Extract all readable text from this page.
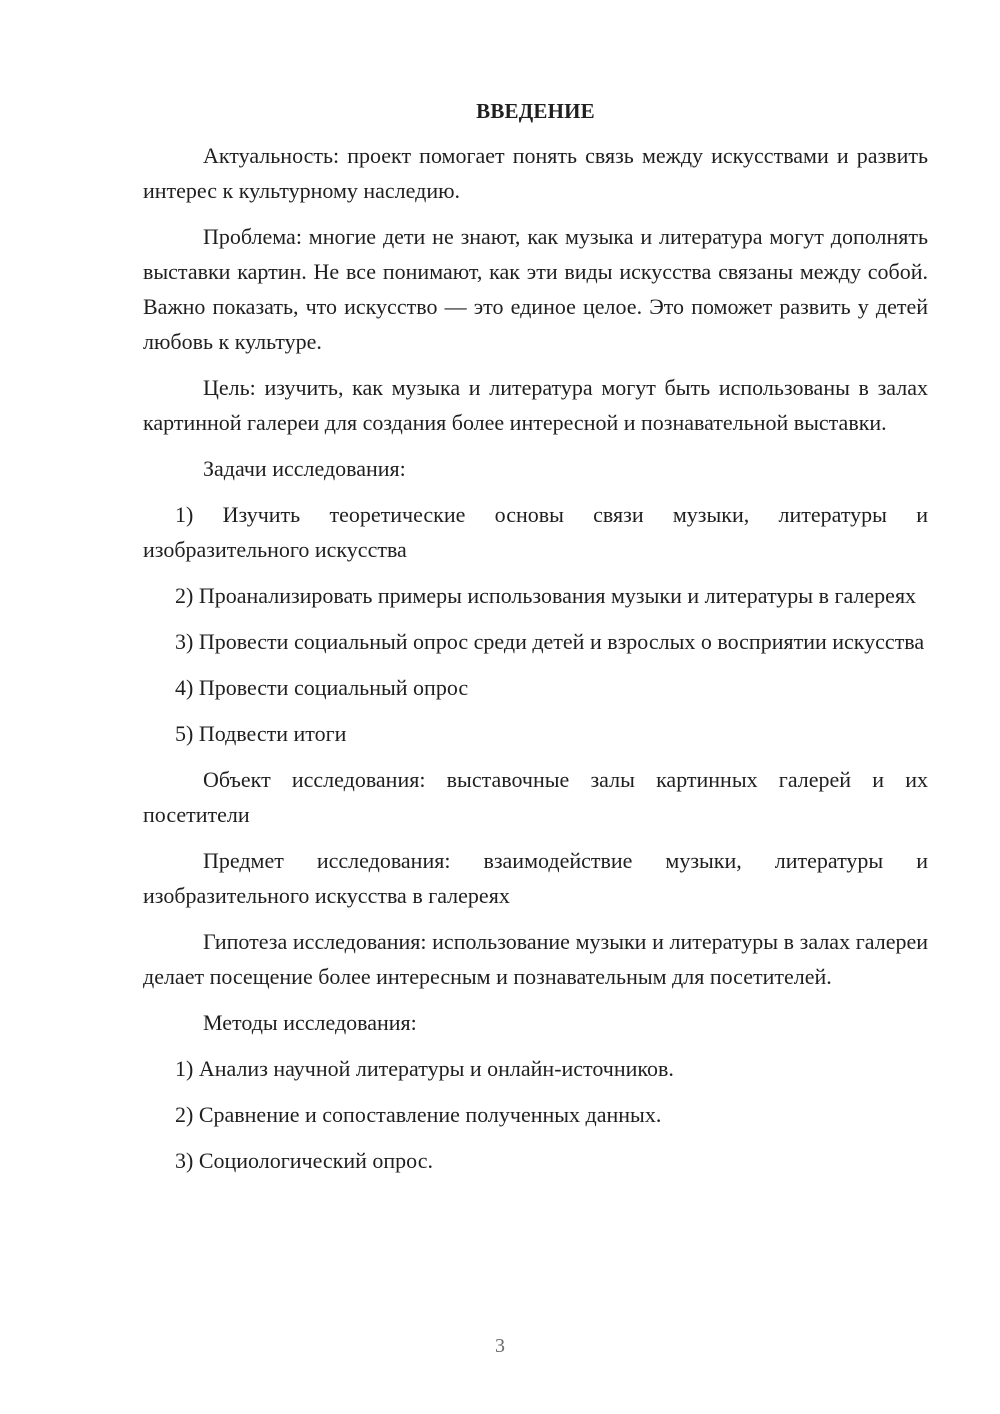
ВВЕДЕНИЕ
Актуальность: проект помогает понять связь между искусствами и развить интерес к культурному наследию.
Проблема: многие дети не знают, как музыка и литература могут дополнять выставки картин. Не все понимают, как эти виды искусства связаны между собой. Важно показать, что искусство — это единое целое. Это поможет развить у детей любовь к культуре.
Цель: изучить, как музыка и литература могут быть использованы в залах картинной галереи для создания более интересной и познавательной выставки.
Задачи исследования:
1) Изучить теоретические основы связи музыки, литературы и изобразительного искусства
2) Проанализировать примеры использования музыки и литературы в галереях
3) Провести социальный опрос среди детей и взрослых о восприятии искусства
4) Провести социальный опрос
5) Подвести итоги
Объект исследования: выставочные залы картинных галерей и их посетители
Предмет исследования: взаимодействие музыки, литературы и изобразительного искусства в галереях
Гипотеза исследования: использование музыки и литературы в залах галереи делает посещение более интересным и познавательным для посетителей.
Методы исследования:
1) Анализ научной литературы и онлайн-источников.
2) Сравнение и сопоставление полученных данных.
3) Социологический опрос.
3
